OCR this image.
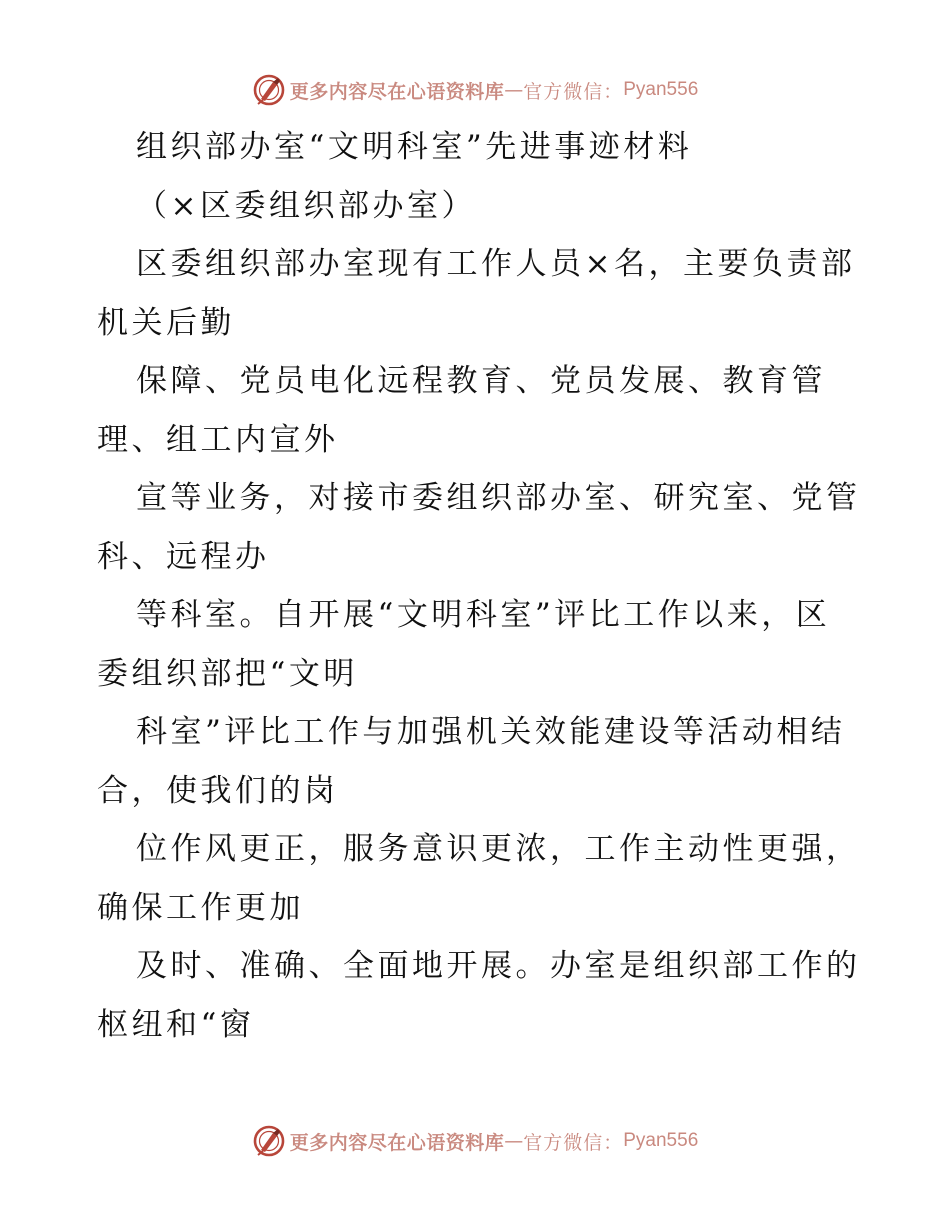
更多内容尽在心语资料库 — 官方微信： Pyan556
组织部办室“文明科室”先进事迹材料
（×区委组织部办室）
区委组织部办室现有工作人员×名，主要负责部
机关后勤
保障、党员电化远程教育、党员发展、教育管
理、组工内宣外
宣等业务，对接市委组织部办室、研究室、党管
科、远程办
等科室。自开展“文明科室”评比工作以来，区
委组织部把“文明
科室”评比工作与加强机关效能建设等活动相结
合，使我们的岗
位作风更正，服务意识更浓，工作主动性更强，
确保工作更加
及时、准确、全面地开展。办室是组织部工作的
枢纽和“窗
更多内容尽在心语资料库 — 官方微信： Pyan556
